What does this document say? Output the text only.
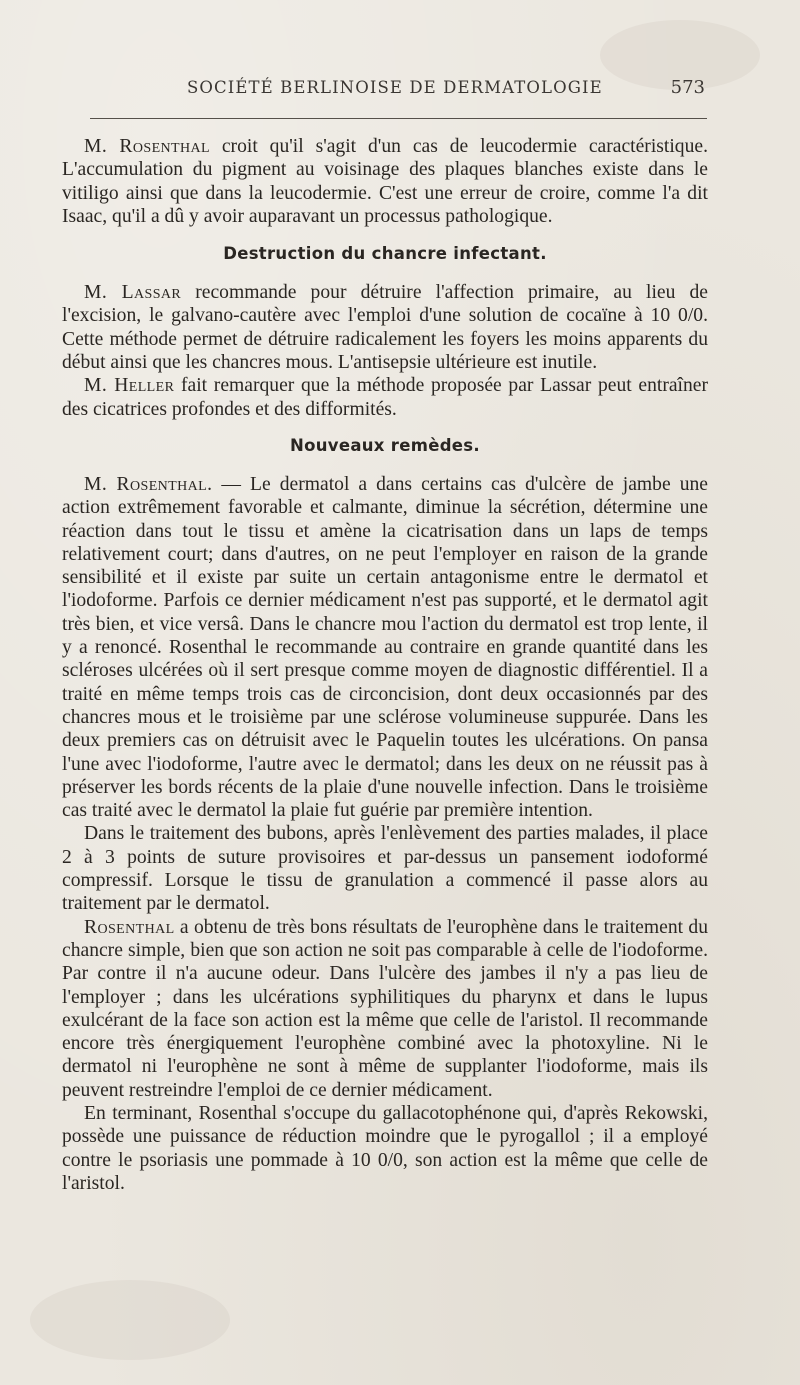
SOCIÉTÉ BERLINOISE DE DERMATOLOGIE	573

M. Rosenthal croit qu'il s'agit d'un cas de leucodermie caractéristique. L'accumulation du pigment au voisinage des plaques blanches existe dans le vitiligo ainsi que dans la leucodermie. C'est une erreur de croire, comme l'a dit Isaac, qu'il a dû y avoir auparavant un processus pathologique.

Destruction du chancre infectant.

M. Lassar recommande pour détruire l'affection primaire, au lieu de l'excision, le galvano-cautère avec l'emploi d'une solution de cocaïne à 10 0/0. Cette méthode permet de détruire radicalement les foyers les moins apparents du début ainsi que les chancres mous. L'antisepsie ultérieure est inutile.

M. Heller fait remarquer que la méthode proposée par Lassar peut entraîner des cicatrices profondes et des difformités.

Nouveaux remèdes.

M. Rosenthal. — Le dermatol a dans certains cas d'ulcère de jambe une action extrêmement favorable et calmante, diminue la sécrétion, détermine une réaction dans tout le tissu et amène la cicatrisation dans un laps de temps relativement court; dans d'autres, on ne peut l'employer en raison de la grande sensibilité et il existe par suite un certain antagonisme entre le dermatol et l'iodoforme. Parfois ce dernier médicament n'est pas supporté, et le dermatol agit très bien, et vice versâ. Dans le chancre mou l'action du dermatol est trop lente, il y a renoncé. Rosenthal le recommande au contraire en grande quantité dans les scléroses ulcérées où il sert presque comme moyen de diagnostic différentiel. Il a traité en même temps trois cas de circoncision, dont deux occasionnés par des chancres mous et le troisième par une sclérose volumineuse suppurée. Dans les deux premiers cas on détruisit avec le Paquelin toutes les ulcérations. On pansa l'une avec l'iodoforme, l'autre avec le dermatol; dans les deux on ne réussit pas à préserver les bords récents de la plaie d'une nouvelle infection. Dans le troisième cas traité avec le dermatol la plaie fut guérie par première intention.

Dans le traitement des bubons, après l'enlèvement des parties malades, il place 2 à 3 points de suture provisoires et par-dessus un pansement iodoformé compressif. Lorsque le tissu de granulation a commencé il passe alors au traitement par le dermatol.

Rosenthal a obtenu de très bons résultats de l'europhène dans le traitement du chancre simple, bien que son action ne soit pas comparable à celle de l'iodoforme. Par contre il n'a aucune odeur. Dans l'ulcère des jambes il n'y a pas lieu de l'employer ; dans les ulcérations syphilitiques du pharynx et dans le lupus exulcérant de la face son action est la même que celle de l'aristol. Il recommande encore très énergiquement l'europhène combiné avec la photoxyline. Ni le dermatol ni l'europhène ne sont à même de supplanter l'iodoforme, mais ils peuvent restreindre l'emploi de ce dernier médicament.

En terminant, Rosenthal s'occupe du gallacotophénone qui, d'après Rekowski, possède une puissance de réduction moindre que le pyrogallol ; il a employé contre le psoriasis une pommade à 10 0/0, son action est la même que celle de l'aristol.
